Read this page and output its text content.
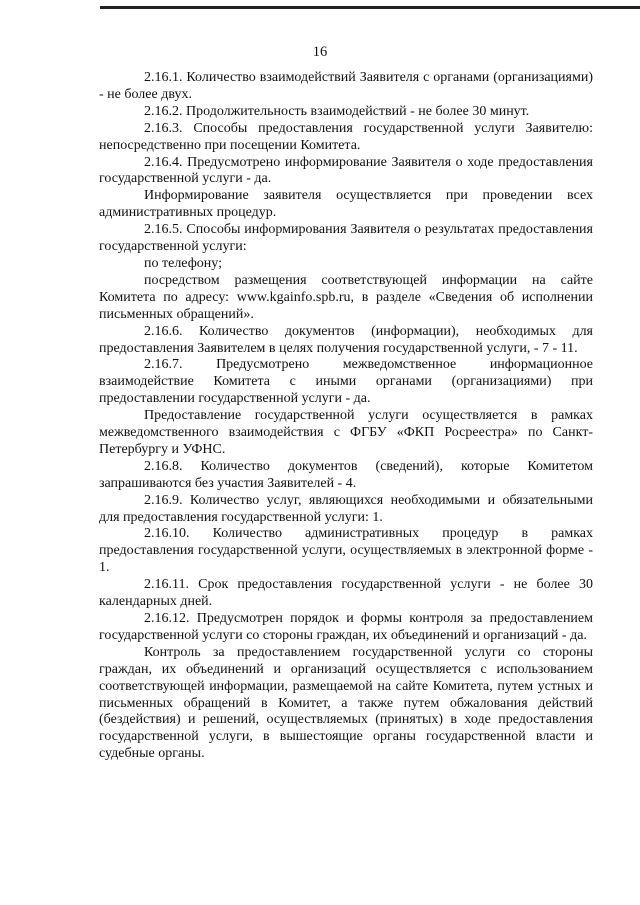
16

2.16.1. Количество взаимодействий Заявителя с органами (организациями) - не более двух.

2.16.2. Продолжительность взаимодействий - не более 30 минут.

2.16.3. Способы предоставления государственной услуги Заявителю: непосредственно при посещении Комитета.

2.16.4. Предусмотрено информирование Заявителя о ходе предоставления государственной услуги - да.

Информирование заявителя осуществляется при проведении всех административных процедур.

2.16.5. Способы информирования Заявителя о результатах предоставления государственной услуги:

по телефону;

посредством размещения соответствующей информации на сайте Комитета по адресу: www.kgainfo.spb.ru, в разделе «Сведения об исполнении письменных обращений».

2.16.6. Количество документов (информации), необходимых для предоставления Заявителем в целях получения государственной услуги, - 7 - 11.

2.16.7. Предусмотрено межведомственное информационное взаимодействие Комитета с иными органами (организациями) при предоставлении государственной услуги - да.

Предоставление государственной услуги осуществляется в рамках межведомственного взаимодействия с ФГБУ «ФКП Росреестра» по Санкт-Петербургу и УФНС.

2.16.8. Количество документов (сведений), которые Комитетом запрашиваются без участия Заявителей - 4.

2.16.9. Количество услуг, являющихся необходимыми и обязательными для предоставления государственной услуги: 1.

2.16.10. Количество административных процедур в рамках предоставления государственной услуги, осуществляемых в электронной форме - 1.

2.16.11. Срок предоставления государственной услуги - не более 30 календарных дней.

2.16.12. Предусмотрен порядок и формы контроля за предоставлением государственной услуги со стороны граждан, их объединений и организаций - да.

Контроль за предоставлением государственной услуги со стороны граждан, их объединений и организаций осуществляется с использованием соответствующей информации, размещаемой на сайте Комитета, путем устных и письменных обращений в Комитет, а также путем обжалования действий (бездействия) и решений, осуществляемых (принятых) в ходе предоставления государственной услуги, в вышестоящие органы государственной власти и судебные органы.
